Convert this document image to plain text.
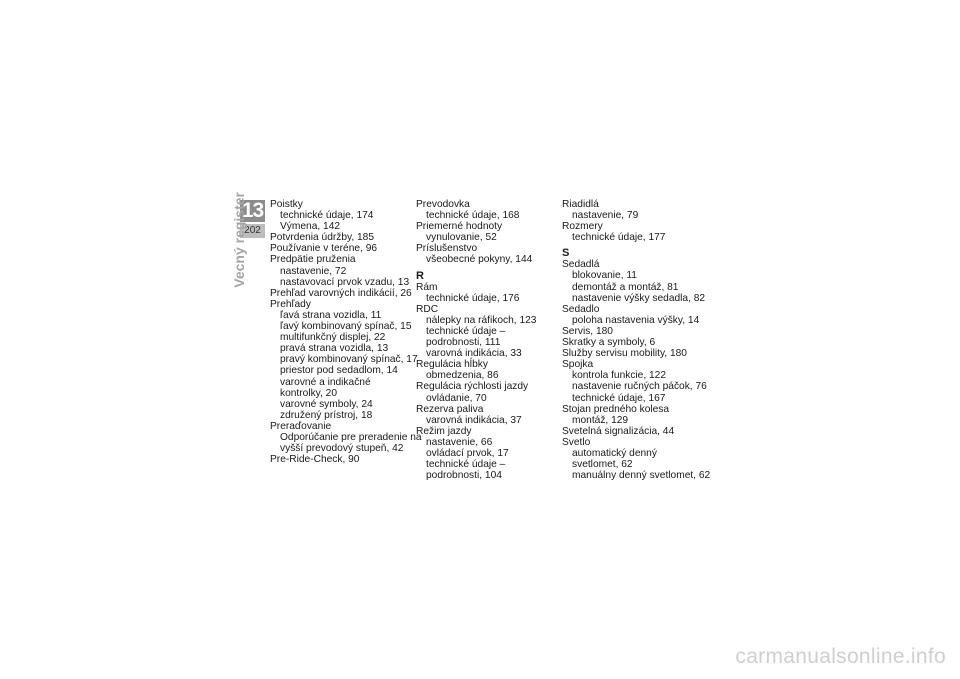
13
202
Vecný register Poistky
technické údaje, 174
Výmena, 142
Potvrdenia údržby, 185
Používanie v teréne, 96
Predpätie pruženia
nastavenie, 72
nastavovací prvok vzadu, 13
Prehľad varovných indikácií, 26
Prehľady
ľavá strana vozidla, 11
ľavý kombinovaný spínač, 15
multifunkčný displej, 22
pravá strana vozidla, 13
pravý kombinovaný spínač, 17
priestor pod sedadlom, 14
varovné a indikačné
kontrolky, 20
varovné symboly, 24
združený prístroj, 18
Preraďovanie
Odporúčanie pre preradenie na
vyšší prevodový stupeň, 42
Pre-Ride-Check, 90
Prevodovka
technické údaje, 168
Priemerné hodnoty
vynulovanie, 52
Príslušenstvo
všeobecné pokyny, 144
R
Rám
technické údaje, 176
RDC
nálepky na ráfikoch, 123
technické údaje –
podrobnosti, 111
varovná indikácia, 33
Regulácia hĺbky
obmedzenia, 86
Regulácia rýchlosti jazdy
ovládanie, 70
Rezerva paliva
varovná indikácia, 37
Režim jazdy
nastavenie, 66
ovládací prvok, 17
technické údaje –
podrobnosti, 104
Riadidlá
nastavenie, 79
Rozmery
technické údaje, 177
S
Sedadlá
blokovanie, 11
demontáž a montáž, 81
nastavenie výšky sedadla, 82
Sedadlo
poloha nastavenia výšky, 14
Servis, 180
Skratky a symboly, 6
Služby servisu mobility, 180
Spojka
kontrola funkcie, 122
nastavenie ručných páčok, 76
technické údaje, 167
Stojan predného kolesa
montáž, 129
Svetelná signalizácia, 44
Svetlo
automatický denný
svetlomet, 62
manuálny denný svetlomet, 62
carmanualsonline.info
